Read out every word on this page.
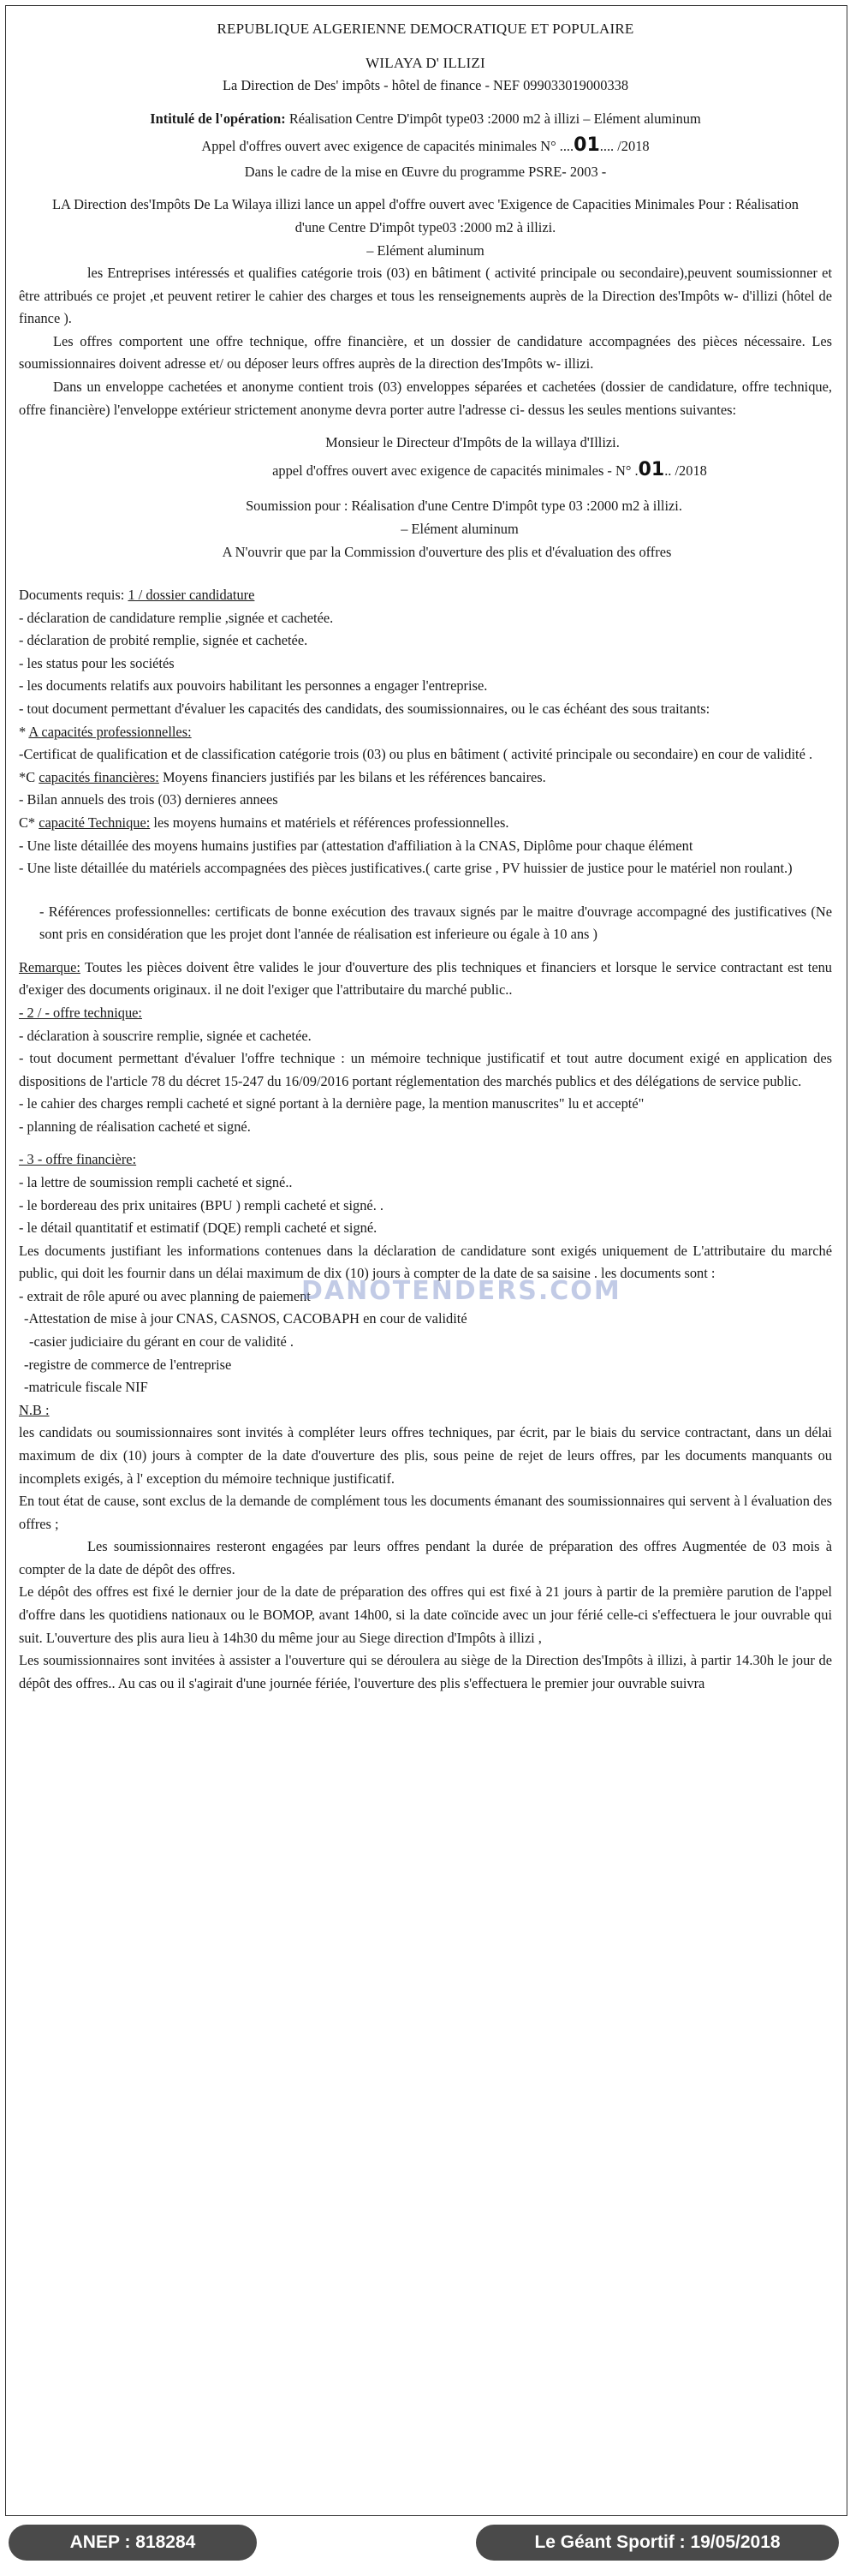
REPUBLIQUE ALGERIENNE DEMOCRATIQUE ET POPULAIRE

WILAYA D' ILLIZI

La Direction de Des' impôts - hôtel de finance - NEF 099033019000338

Intitulé de l'opération: Réalisation Centre D'impôt type03 :2000 m2 à illizi – Elément aluminum

Appel d'offres ouvert avec exigence de capacités minimales N° ....01.... /2018

Dans le cadre de la mise en Œuvre du programme PSRE- 2003 -

LA Direction des'Impôts De La Wilaya illizi lance un appel d'offre ouvert avec 'Exigence de Capacities Minimales Pour : Réalisation d'une Centre D'impôt type03 :2000 m2 à illizi.

– Elément aluminum

les Entreprises intéressés et qualifies catégorie trois (03) en bâtiment ( activité principale ou secondaire),peuvent soumissionner et être attribués ce projet ,et peuvent retirer le cahier des charges et tous les renseignements auprès de la Direction des'Impôts w- d'illizi (hôtel de finance ).

Les offres comportent une offre technique, offre financière, et un dossier de candidature accompagnées des pièces nécessaire. Les soumissionnaires doivent adresse et/ ou déposer leurs offres auprès de la direction des'Impôts w- illizi.

Dans un enveloppe cachetées et anonyme contient trois (03) enveloppes séparées et cachetées (dossier de candidature, offre technique, offre financière) l'enveloppe extérieur strictement anonyme devra porter autre l'adresse ci- dessus les seules mentions suivantes:

Monsieur le Directeur d'Impôts de la willaya d'Illizi.

appel d'offres ouvert avec exigence de capacités minimales - N° .01.. /2018

Soumission pour : Réalisation d'une Centre D'impôt type 03 :2000 m2 à illizi.

– Elément aluminum

A N'ouvrir que par la Commission d'ouverture des plis et d'évaluation des offres

Documents requis: 1 / dossier candidature

- déclaration de candidature remplie ,signée et cachetée.

- déclaration de probité remplie, signée et cachetée.

- les status pour les sociétés

- les documents relatifs aux pouvoirs habilitant les personnes a engager l'entreprise.

- tout document permettant d'évaluer les capacités des candidats, des soumissionnaires, ou le cas échéant des sous traitants:

* A capacités professionnelles:

-Certificat de qualification et de classification catégorie trois (03) ou plus en bâtiment ( activité principale ou secondaire) en cour de validité .

*C capacités financières: Moyens financiers justifiés par les bilans et les références bancaires.

- Bilan annuels des trois (03) dernieres annees

C* capacité Technique: les moyens humains et matériels et références professionnelles.

- Une liste détaillée des moyens humains justifies par (attestation d'affiliation à la CNAS, Diplôme pour chaque élément

- Une liste détaillée du matériels accompagnées des pièces justificatives.( carte grise , PV huissier de justice pour le matériel non roulant.)

- Références professionnelles: certificats de bonne exécution des travaux signés par le maitre d'ouvrage accompagné des justificatives (Ne sont pris en considération que les projet dont l'année de réalisation est inferieure ou égale à 10 ans )

Remarque: Toutes les pièces doivent être valides le jour d'ouverture des plis techniques et financiers et lorsque le service contractant est tenu d'exiger des documents originaux. il ne doit l'exiger que l'attributaire du marché public..

- 2 / - offre technique:

- déclaration à souscrire remplie, signée et cachetée.

- tout document permettant d'évaluer l'offre technique : un mémoire technique justificatif et tout autre document exigé en application des dispositions de l'article 78 du décret 15-247 du 16/09/2016 portant réglementation des marchés publics et des délégations de service public.

- le cahier des charges rempli cacheté et signé portant à la dernière page, la mention manuscrites" lu et accepté"

- planning de réalisation cacheté et signé.

- 3 - offre financière:

- la lettre de soumission rempli cacheté et signé..

- le bordereau des prix unitaires (BPU ) rempli cacheté et signé. .

- le détail quantitatif et estimatif (DQE) rempli cacheté et signé.

Les documents justifiant les informations contenues dans la déclaration de candidature sont exigés uniquement de L'attributaire du marché public, qui doit les fournir dans un délai maximum de dix (10) jours à compter de la date de sa saisine . les documents sont :

- extrait de rôle apuré ou avec planning de paiement

-Attestation de mise à jour CNAS, CASNOS, CACOBAPH en cour de validité

-casier judiciaire du gérant en cour de validité .

-registre de commerce de l'entreprise

-matricule fiscale NIF

N.B :

les candidats ou soumissionnaires sont invités à compléter leurs offres techniques, par écrit, par le biais du service contractant, dans un délai maximum de dix (10) jours à compter de la date d'ouverture des plis, sous peine de rejet de leurs offres, par les documents manquants ou incomplets exigés, à l' exception du mémoire technique justificatif.

En tout état de cause, sont exclus de la demande de complément tous les documents émanant des soumissionnaires qui servent à l évaluation des offres ;

Les soumissionnaires resteront engagées par leurs offres pendant la durée de préparation des offres Augmentée de 03 mois à compter de la date de dépôt des offres.

Le dépôt des offres est fixé le dernier jour de la date de préparation des offres qui est fixé à 21 jours à partir de la première parution de l'appel d'offre dans les quotidiens nationaux ou le BOMOP, avant 14h00, si la date coïncide avec un jour férié celle-ci s'effectuera le jour ouvrable qui suit. L'ouverture des plis aura lieu à 14h30 du même jour au Siege direction d'Impôts à illizi ,

Les soumissionnaires sont invitées à assister a l'ouverture qui se déroulera au siège de la Direction des'Impôts à illizi, à partir 14.30h le jour de dépôt des offres.. Au cas ou il s'agirait d'une journée fériée, l'ouverture des plis s'effectuera le premier jour ouvrable suivra

DANOTENDERS.COM
ANEP : 818284	Le Géant Sportif : 19/05/2018
